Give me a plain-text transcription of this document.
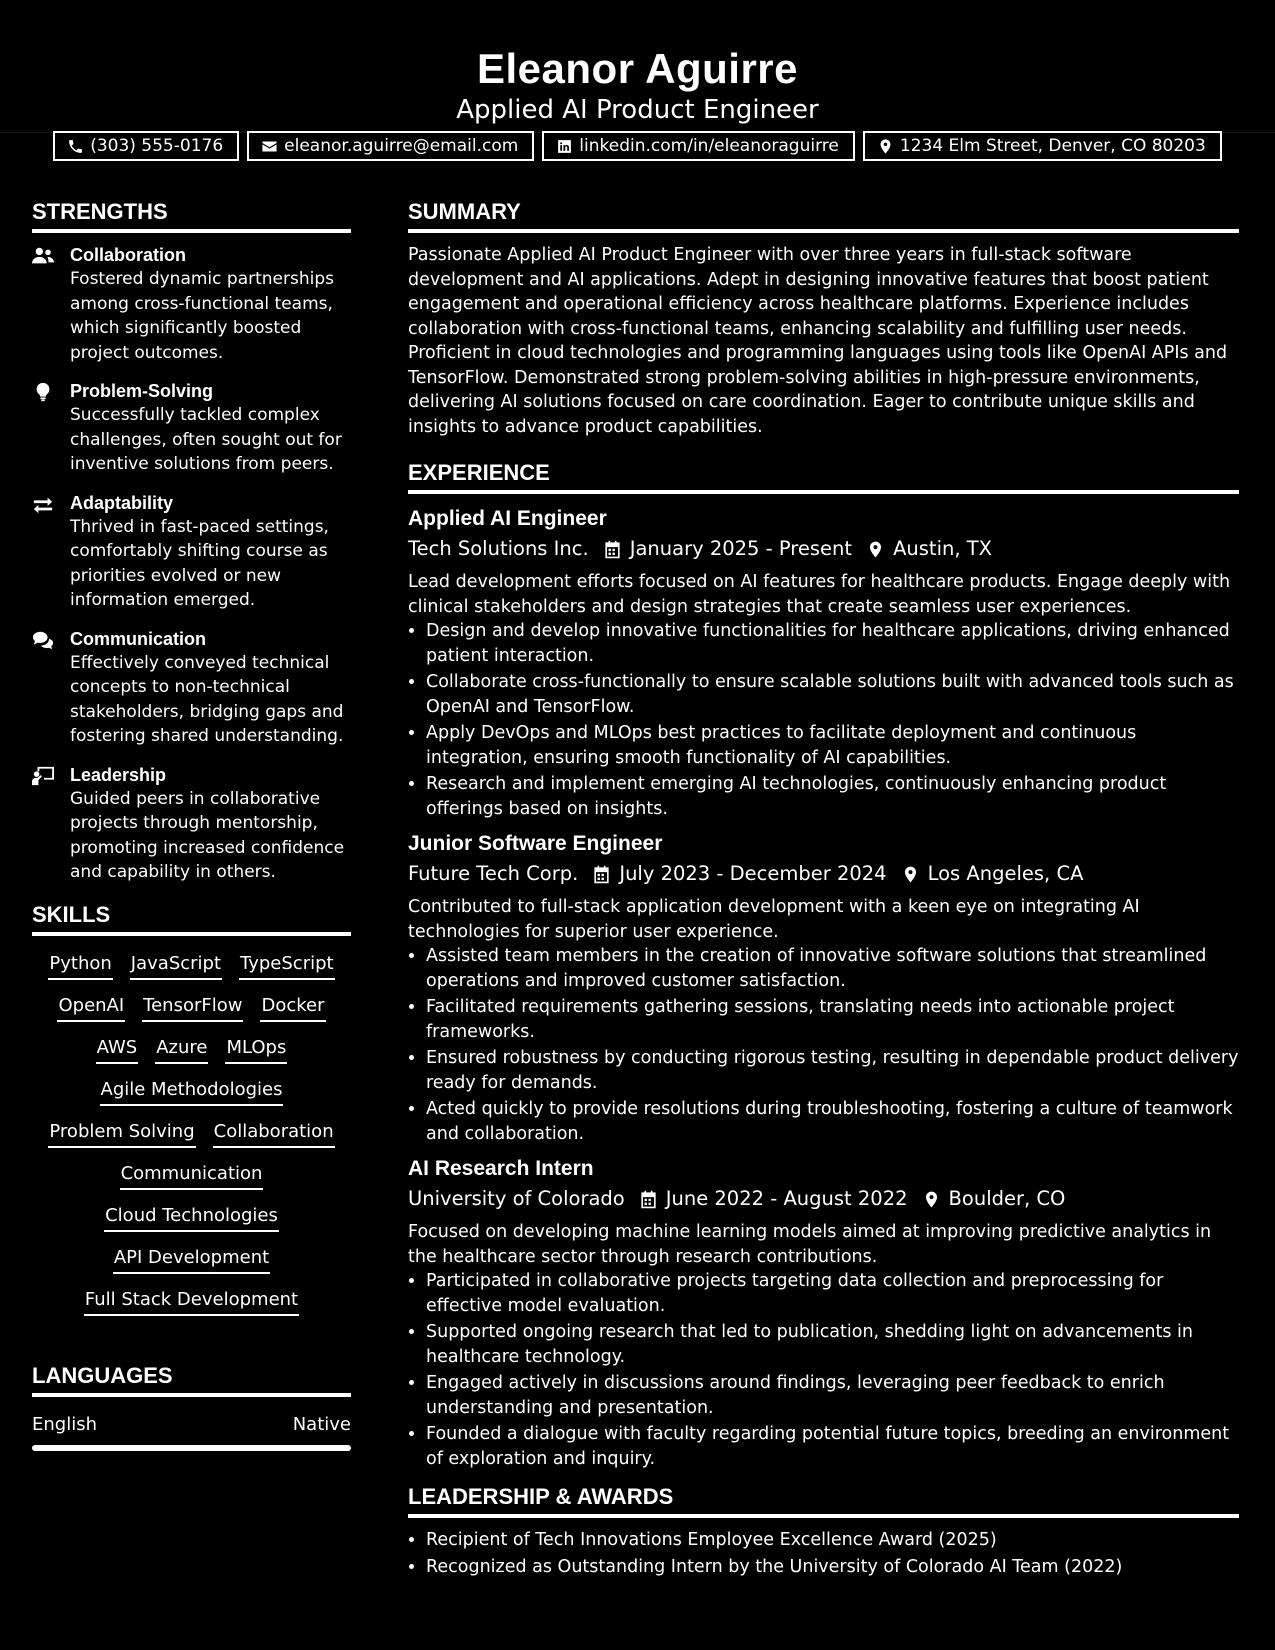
Eleanor Aguirre
Applied AI Product Engineer
(303) 555-0176	eleanor.aguirre@email.com	linkedin.com/in/eleanoraguirre	1234 Elm Street, Denver, CO 80203
STRENGTHS
Collaboration
Fostered dynamic partnerships among cross-functional teams, which significantly boosted project outcomes.
Problem-Solving
Successfully tackled complex challenges, often sought out for inventive solutions from peers.
Adaptability
Thrived in fast-paced settings, comfortably shifting course as priorities evolved or new information emerged.
Communication
Effectively conveyed technical concepts to non-technical stakeholders, bridging gaps and fostering shared understanding.
Leadership
Guided peers in collaborative projects through mentorship, promoting increased confidence and capability in others.
SKILLS
Python JavaScript TypeScript
OpenAI TensorFlow Docker
AWS Azure MLOps
Agile Methodologies
Problem Solving Collaboration
Communication
Cloud Technologies
API Development
Full Stack Development
LANGUAGES
English	Native
SUMMARY
Passionate Applied AI Product Engineer with over three years in full-stack software development and AI applications. Adept in designing innovative features that boost patient engagement and operational efficiency across healthcare platforms. Experience includes collaboration with cross-functional teams, enhancing scalability and fulfilling user needs. Proficient in cloud technologies and programming languages using tools like OpenAI APIs and TensorFlow. Demonstrated strong problem-solving abilities in high-pressure environments, delivering AI solutions focused on care coordination. Eager to contribute unique skills and insights to advance product capabilities.
EXPERIENCE
Applied AI Engineer
Tech Solutions Inc. January 2025 - Present Austin, TX
Lead development efforts focused on AI features for healthcare products. Engage deeply with clinical stakeholders and design strategies that create seamless user experiences.
• Design and develop innovative functionalities for healthcare applications, driving enhanced patient interaction.
• Collaborate cross-functionally to ensure scalable solutions built with advanced tools such as OpenAI and TensorFlow.
• Apply DevOps and MLOps best practices to facilitate deployment and continuous integration, ensuring smooth functionality of AI capabilities.
• Research and implement emerging AI technologies, continuously enhancing product offerings based on insights.
Junior Software Engineer
Future Tech Corp. July 2023 - December 2024 Los Angeles, CA
Contributed to full-stack application development with a keen eye on integrating AI technologies for superior user experience.
• Assisted team members in the creation of innovative software solutions that streamlined operations and improved customer satisfaction.
• Facilitated requirements gathering sessions, translating needs into actionable project frameworks.
• Ensured robustness by conducting rigorous testing, resulting in dependable product delivery ready for demands.
• Acted quickly to provide resolutions during troubleshooting, fostering a culture of teamwork and collaboration.
AI Research Intern
University of Colorado June 2022 - August 2022 Boulder, CO
Focused on developing machine learning models aimed at improving predictive analytics in the healthcare sector through research contributions.
• Participated in collaborative projects targeting data collection and preprocessing for effective model evaluation.
• Supported ongoing research that led to publication, shedding light on advancements in healthcare technology.
• Engaged actively in discussions around findings, leveraging peer feedback to enrich understanding and presentation.
• Founded a dialogue with faculty regarding potential future topics, breeding an environment of exploration and inquiry.
LEADERSHIP & AWARDS
• Recipient of Tech Innovations Employee Excellence Award (2025)
• Recognized as Outstanding Intern by the University of Colorado AI Team (2022)
